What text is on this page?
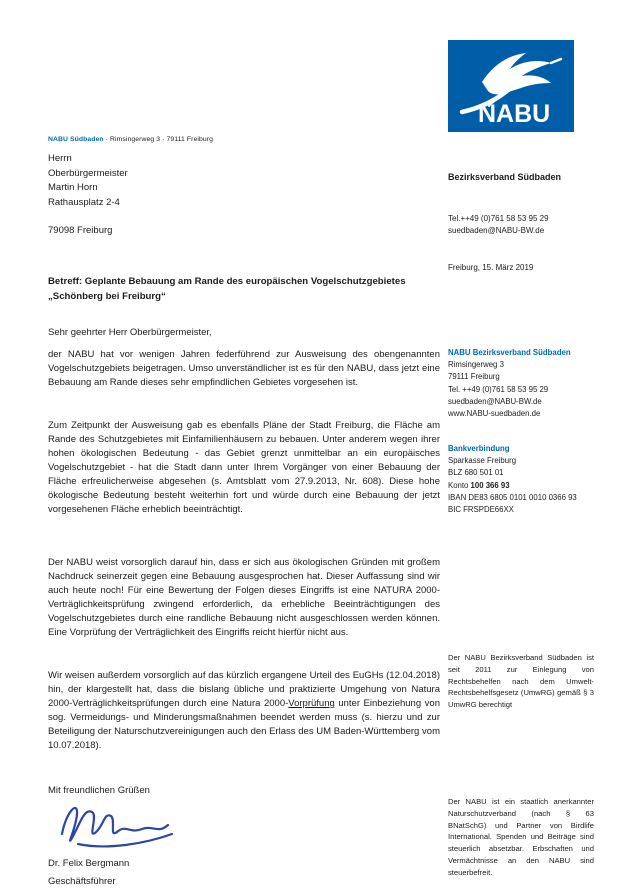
NABU Südbaden · Rimsingerweg 3 · 79111 Freiburg
Herrn
Oberbürgermeister
Martin Horn
Rathausplatz 2-4
79098 Freiburg
Betreff: Geplante Bebauung am Rande des europäischen Vogelschutzgebietes
„Schönberg bei Freiburg“
Sehr geehrter Herr Oberbürgermeister,

der NABU hat vor wenigen Jahren federführend zur Ausweisung des obengenannten Vogelschutzgebiets beigetragen. Umso unverständlicher ist es für den NABU, dass jetzt eine Bebauung am Rande dieses sehr empfindlichen Gebietes vorgesehen ist.

Zum Zeitpunkt der Ausweisung gab es ebenfalls Pläne der Stadt Freiburg, die Fläche am Rande des Schutzgebietes mit Einfamilienhäusern zu bebauen. Unter anderem wegen ihrer hohen ökologischen Bedeutung - das Gebiet grenzt unmittelbar an ein europäisches Vogelschutzgebiet - hat die Stadt dann unter Ihrem Vorgänger von einer Bebauung der Fläche erfreulicherweise abgesehen (s. Amtsblatt vom 27.9.2013, Nr. 608). Diese hohe ökologische Bedeutung besteht weiterhin fort und würde durch eine Bebauung der jetzt vorgesehenen Fläche erheblich beeinträchtigt.

Der NABU weist vorsorglich darauf hin, dass er sich aus ökologischen Gründen mit großem Nachdruck seinerzeit gegen eine Bebauung ausgesprochen hat. Dieser Auffassung sind wir auch heute noch! Für eine Bewertung der Folgen dieses Eingriffs ist eine NATURA 2000- Verträglichkeitsprüfung zwingend erforderlich, da erhebliche Beeinträchtigungen des Vogelschutzgebietes durch eine randliche Bebauung nicht ausgeschlossen werden können. Eine Vorprüfung der Verträglichkeit des Eingriffs reicht hierfür nicht aus.

Wir weisen außerdem vorsorglich auf das kürzlich ergangene Urteil des EuGHs (12.04.2018) hin, der klargestellt hat, dass die bislang übliche und praktizierte Umgehung von Natura 2000-Verträglichkeitsprüfungen durch eine Natura 2000-Vorprüfung unter Einbeziehung von sog. Vermeidungs- und Minderungsmaßnahmen beendet werden muss (s. hierzu und zur Beteiligung der Naturschutzvereinigungen auch den Erlass des UM Baden-Württemberg vom 10.07.2018).

Mit freundlichen Grüßen
Dr. Felix Bergmann
Geschäftsführer
NABU
Bezirksverband Südbaden
Tel.++49 (0)761 58 53 95 29
suedbaden@NABU-BW.de
Freiburg, 15. März 2019
NABU Bezirksverband Südbaden
Rimsingerweg 3
79111 Freiburg
Tel. ++49 (0)761 58 53 95 29
suedbaden@NABU-BW.de
www.NABU-suedbaden.de
Bankverbindung
Sparkasse Freiburg
BLZ 680 501 01
Konto 100 366 93
IBAN DE83 6805 0101 0010 0366 93
BIC FRSPDE66XX
Der NABU Bezirksverband Südbaden ist seit 2011 zur Einlegung von Rechtsbehelfen nach dem Umwelt-Rechtsbehelfsgesetz (UmwRG) gemäß § 3 UmwRG berechtigt
Der NABU ist ein staatlich anerkannter Naturschutzverband (nach § 63 BNatSchG) und Partner von Birdlife International. Spenden und Beiträge sind steuerlich absetzbar. Erbschaften und Vermächtnisse an den NABU sind steuerbefreit.
